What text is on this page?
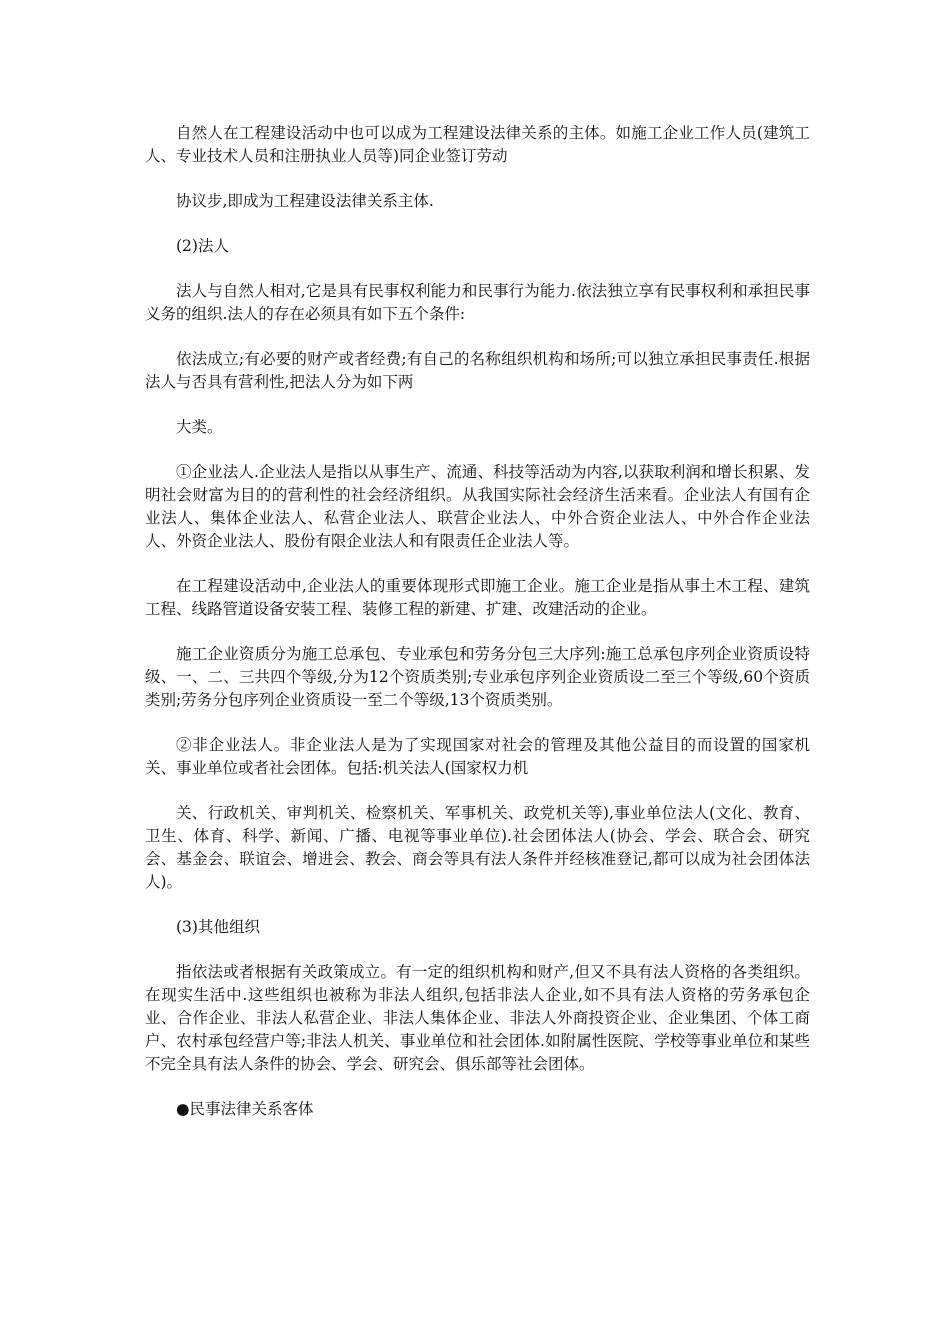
自然人在工程建设活动中也可以成为工程建设法律关系的主体。如施工企业工作人员(建筑工人、专业技术人员和注册执业人员等)同企业签订劳动

协议步,即成为工程建设法律关系主体.

(2)法人

法人与自然人相对,它是具有民事权利能力和民事行为能力.依法独立享有民事权利和承担民事义务的组织.法人的存在必须具有如下五个条件:

依法成立;有必要的财产或者经费;有自己的名称组织机构和场所;可以独立承担民事责任.根据法人与否具有营利性,把法人分为如下两

大类。

①企业法人.企业法人是指以从事生产、流通、科技等活动为内容,以获取利润和增长积累、发明社会财富为目的的营利性的社会经济组织。从我国实际社会经济生活来看。企业法人有国有企业法人、集体企业法人、私营企业法人、联营企业法人、中外合资企业法人、中外合作企业法人、外资企业法人、股份有限企业法人和有限责任企业法人等。

在工程建设活动中,企业法人的重要体现形式即施工企业。施工企业是指从事土木工程、建筑工程、线路管道设备安装工程、装修工程的新建、扩建、改建活动的企业。

施工企业资质分为施工总承包、专业承包和劳务分包三大序列:施工总承包序列企业资质设特级、一、二、三共四个等级,分为12个资质类别;专业承包序列企业资质设二至三个等级,60个资质类别;劳务分包序列企业资质设一至二个等级,13个资质类别。

②非企业法人。非企业法人是为了实现国家对社会的管理及其他公益目的而设置的国家机关、事业单位或者社会团体。包括:机关法人(国家权力机

关、行政机关、审判机关、检察机关、军事机关、政党机关等),事业单位法人(文化、教育、卫生、体育、科学、新闻、广播、电视等事业单位).社会团体法人(协会、学会、联合会、研究会、基金会、联谊会、增进会、教会、商会等具有法人条件并经核准登记,都可以成为社会团体法人)。

(3)其他组织

指依法或者根据有关政策成立。有一定的组织机构和财产,但又不具有法人资格的各类组织。在现实生活中.这些组织也被称为非法人组织,包括非法人企业,如不具有法人资格的劳务承包企业、合作企业、非法人私营企业、非法人集体企业、非法人外商投资企业、企业集团、个体工商户、农村承包经营户等;非法人机关、事业单位和社会团体.如附属性医院、学校等事业单位和某些不完全具有法人条件的协会、学会、研究会、俱乐部等社会团体。

●民事法律关系客体
